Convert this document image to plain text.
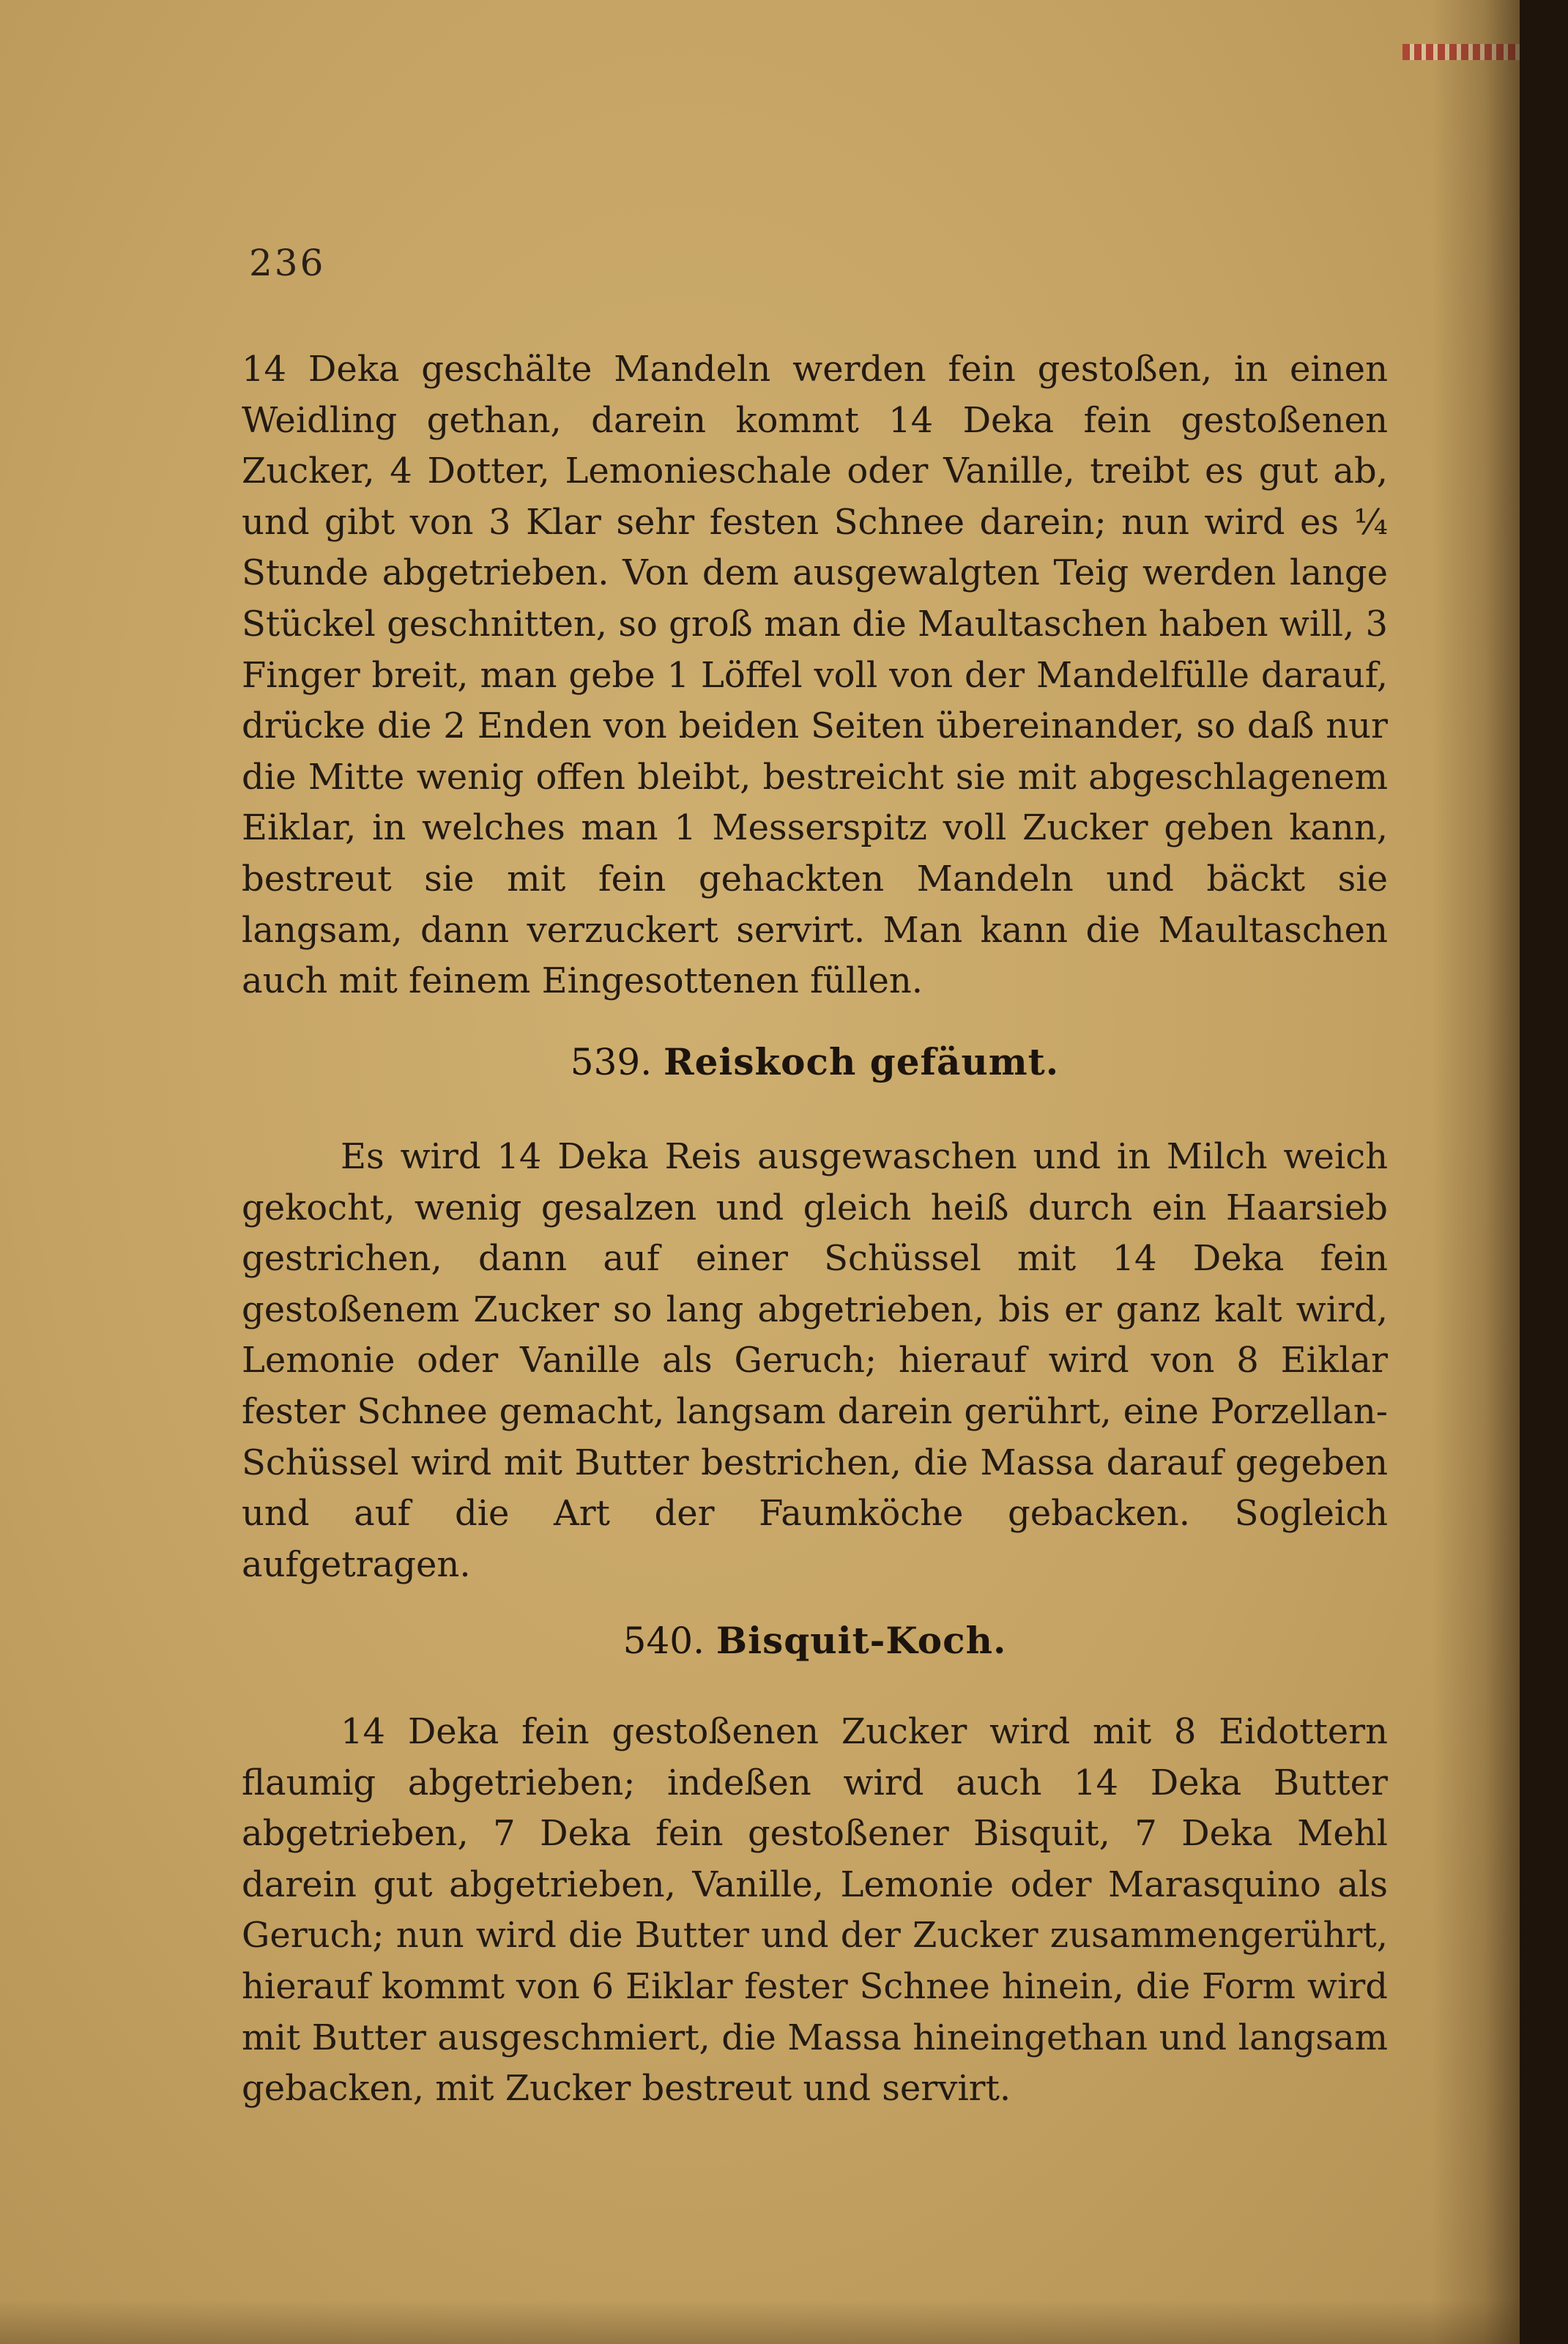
236

14 Deka geschälte Mandeln werden fein gestoßen, in einen Weidling gethan, darein kommt 14 Deka fein gestoßenen Zucker, 4 Dotter, Lemonieschale oder Vanille, treibt es gut ab, und gibt von 3 Klar sehr festen Schnee darein; nun wird es ¼ Stunde abgetrieben. Von dem ausgewalgten Teig werden lange Stückel geschnitten, so groß man die Maultaschen haben will, 3 Finger breit, man gebe 1 Löffel voll von der Mandelfülle darauf, drücke die 2 Enden von beiden Seiten übereinander, so daß nur die Mitte wenig offen bleibt, bestreicht sie mit abgeschlagenem Eiklar, in welches man 1 Messerspitz voll Zucker geben kann, bestreut sie mit fein gehackten Mandeln und bäckt sie langsam, dann verzuckert servirt. Man kann die Maultaschen auch mit feinem Eingesottenen füllen.

539. Reiskoch gefäumt.

Es wird 14 Deka Reis ausgewaschen und in Milch weich gekocht, wenig gesalzen und gleich heiß durch ein Haarsieb gestrichen, dann auf einer Schüssel mit 14 Deka fein gestoßenem Zucker so lang abgetrieben, bis er ganz kalt wird, Lemonie oder Vanille als Geruch; hierauf wird von 8 Eiklar fester Schnee gemacht, langsam darein gerührt, eine Porzellan-Schüssel wird mit Butter bestrichen, die Massa darauf gegeben und auf die Art der Faumköche gebacken. Sogleich aufgetragen.

540. Bisquit-Koch.

14 Deka fein gestoßenen Zucker wird mit 8 Eidottern flaumig abgetrieben; indeßen wird auch 14 Deka Butter abgetrieben, 7 Deka fein gestoßener Bisquit, 7 Deka Mehl darein gut abgetrieben, Vanille, Lemonie oder Marasquino als Geruch; nun wird die Butter und der Zucker zusammengerührt, hierauf kommt von 6 Eiklar fester Schnee hinein, die Form wird mit Butter ausgeschmiert, die Massa hineingethan und langsam gebacken, mit Zucker bestreut und servirt.
